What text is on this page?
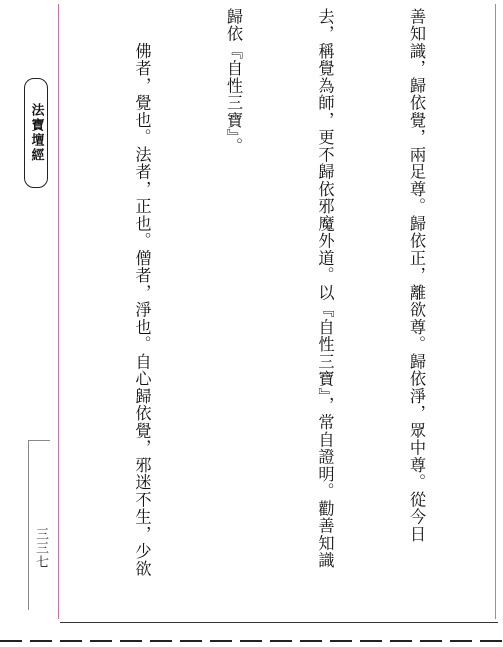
法寶壇經
三三七

善知識，歸依覺，兩足尊。歸依正，離欲尊。歸依淨，眾中尊。從今日

去，稱覺為師，更不歸依邪魔外道。以『自性三寶』，常自證明。勸善知識

歸依『自性三寶』。

　　佛者，覺也。法者，正也。僧者，淨也。自心歸依覺，邪迷不生，少欲
